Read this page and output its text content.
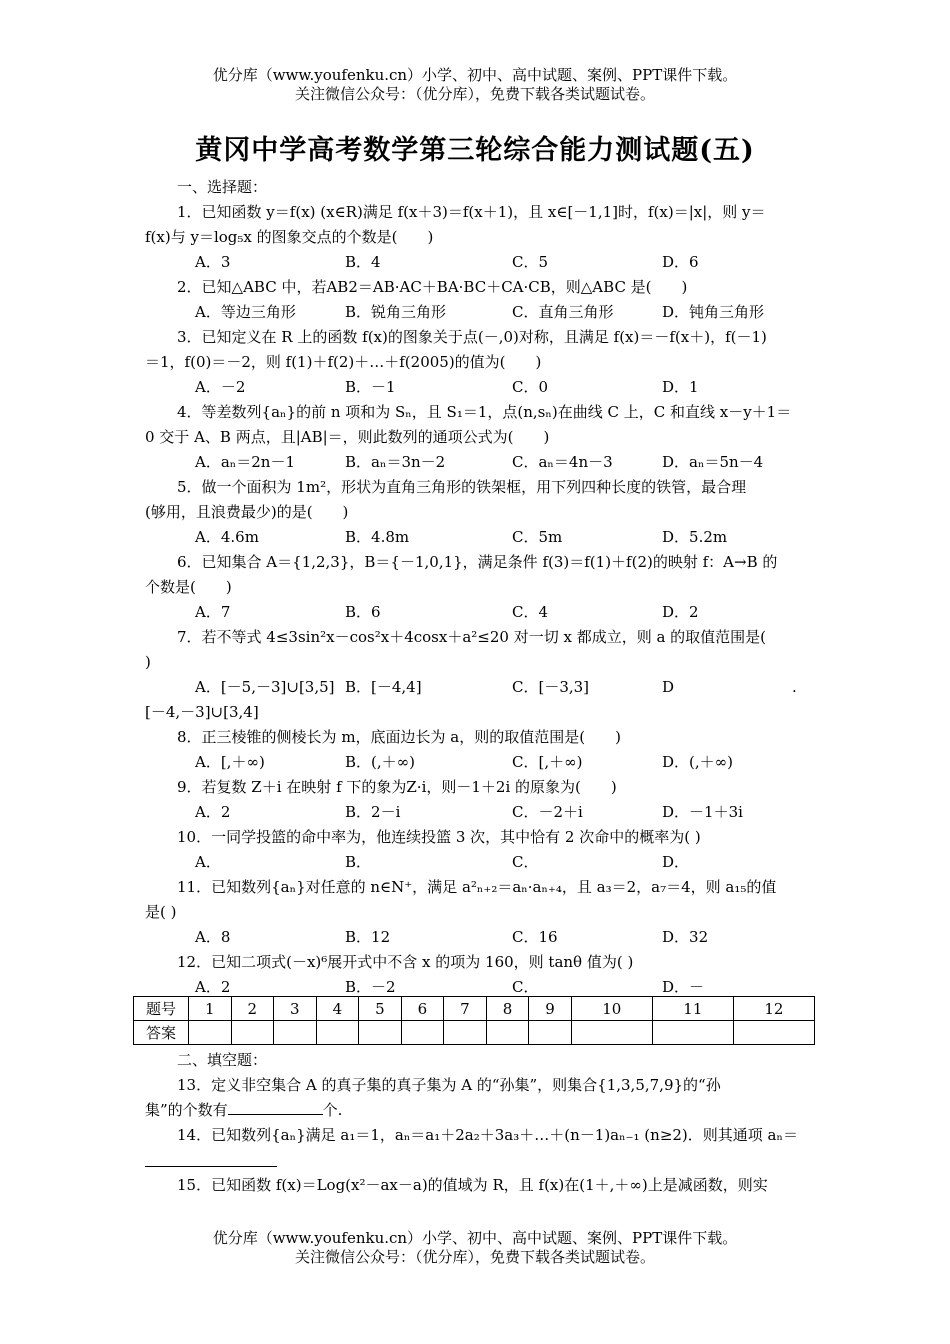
优分库（www.youfenku.cn）小学、初中、高中试题、案例、PPT课件下载。
关注微信公众号：（优分库），免费下载各类试题试卷。
黄冈中学高考数学第三轮综合能力测试题(五)
一、选择题：
1．已知函数 y＝f(x) (x∈R)满足 f(x＋3)＝f(x＋1)，且 x∈[－1,1]时，f(x)＝|x|，则 y＝
f(x)与 y＝log₅x 的图象交点的个数是(　　)
A．3	B．4	C．5	D．6
2．已知△ABC 中，若AB2＝AB·AC＋BA·BC＋CA·CB，则△ABC 是(　　)
A．等边三角形	B．锐角三角形	C．直角三角形	D．钝角三角形
3．已知定义在 R 上的函数 f(x)的图象关于点(－,0)对称，且满足 f(x)＝－f(x＋)，f(－1)
＝1，f(0)＝－2，则 f(1)＋f(2)＋…＋f(2005)的值为(　　)
A．－2	B．－1	C．0	D．1
4．等差数列{aₙ}的前 n 项和为 Sₙ，且 S₁＝1，点(n,sₙ)在曲线 C 上，C 和直线 x－y＋1＝
0 交于 A、B 两点，且|AB|＝，则此数列的通项公式为(　　)
A．aₙ＝2n－1	B．aₙ＝3n－2	C．aₙ＝4n－3	D．aₙ＝5n－4
5．做一个面积为 1m²，形状为直角三角形的铁架框，用下列四种长度的铁管，最合理
(够用，且浪费最少)的是(　　)
A．4.6m	B．4.8m	C．5m	D．5.2m
6．已知集合 A＝{1,2,3}，B＝{－1,0,1}，满足条件 f(3)＝f(1)＋f(2)的映射 f：A→B 的
个数是(　　)
A．7	B．6	C．4	D．2
7．若不等式 4≤3sin²x－cos²x＋4cosx＋a²≤20 对一切 x 都成立，则 a 的取值范围是(
)
A．[－5,－3]∪[3,5] B．[－4,4]	C．[－3,3]	D	.
[－4,－3]∪[3,4]
8．正三棱锥的侧棱长为 m，底面边长为 a，则的取值范围是(　　)
A．[,＋∞)	B．(,＋∞)	C．[,＋∞)	D．(,＋∞)
9．若复数 Z＋i 在映射 f 下的象为Z·i，则－1＋2i 的原象为(　　)
A．2	B．2－i	C．－2＋i	D．－1＋3i
10．一同学投篮的命中率为，他连续投篮 3 次，其中恰有 2 次命中的概率为( )
A．	B．	C．	D．
11．已知数列{aₙ}对任意的 n∈N⁺，满足 a²ₙ₊₂＝aₙ·aₙ₊₄，且 a₃＝2，a₇＝4，则 a₁₅的值
是( )
A．8	B．12	C．16	D．32
12．已知二项式(－x)⁶展开式中不含 x 的项为 160，则 tanθ 值为( )
A．2	B．－2	C．	D．－
题号	1	2	3	4	5	6	7	8	9	10	11	12
答案												
二、填空题：
13．定义非空集合 A 的真子集的真子集为 A 的“孙集”，则集合{1,3,5,7,9}的“孙
集”的个数有	个.
14．已知数列{aₙ}满足 a₁＝1，aₙ＝a₁＋2a₂＋3a₃＋…＋(n－1)aₙ₋₁ (n≥2)．则其通项 aₙ＝
15．已知函数 f(x)＝Log(x²－ax－a)的值域为 R，且 f(x)在(1＋,＋∞)上是减函数，则实
优分库（www.youfenku.cn）小学、初中、高中试题、案例、PPT课件下载。
关注微信公众号：（优分库），免费下载各类试题试卷。
